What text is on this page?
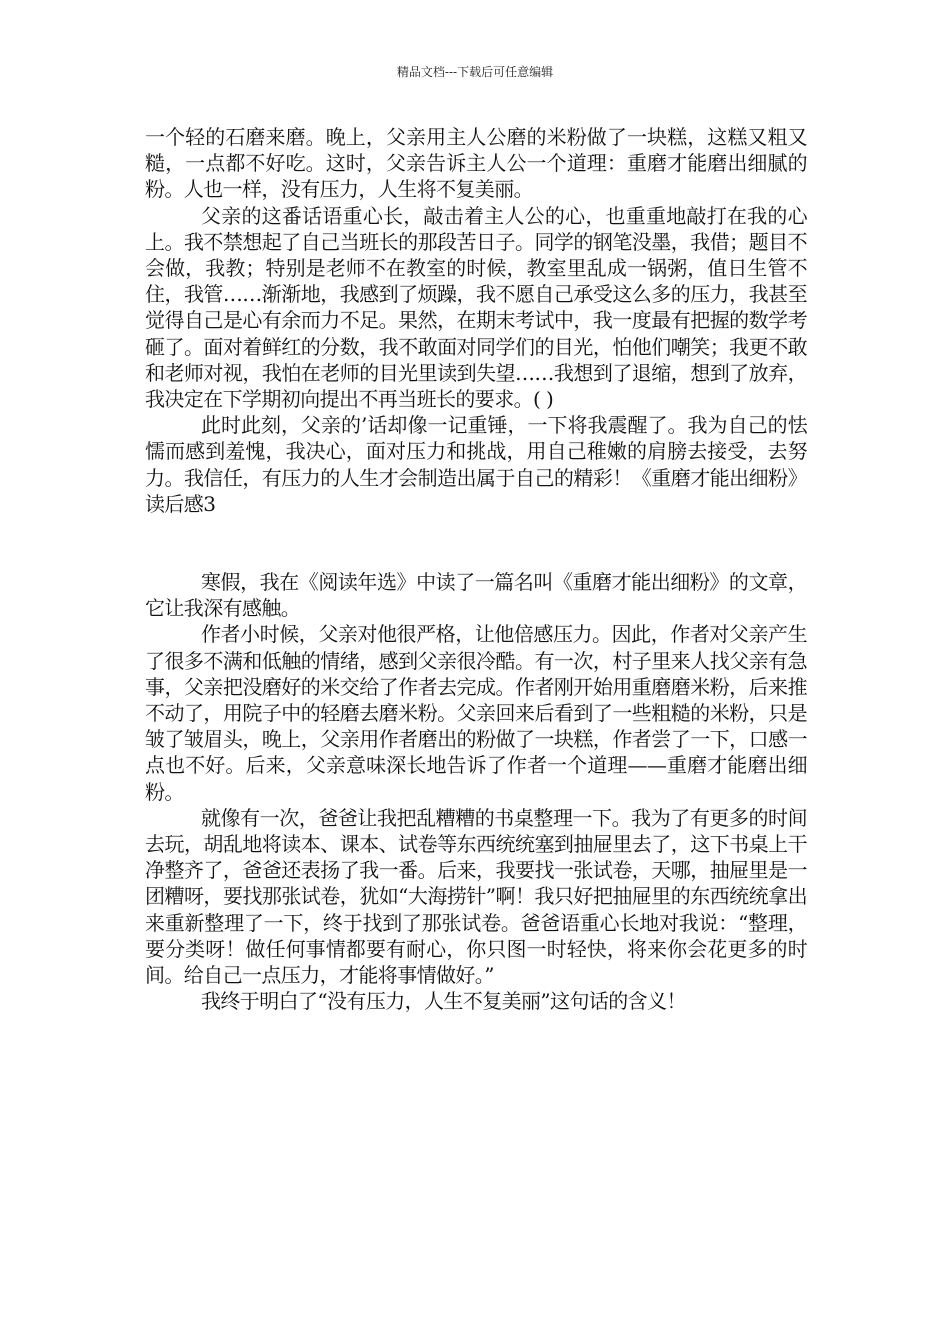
精品文档---下载后可任意编辑

一个轻的石磨来磨。晚上，父亲用主人公磨的米粉做了一块糕，这糕又粗又糙，一点都不好吃。这时，父亲告诉主人公一个道理：重磨才能磨出细腻的粉。人也一样，没有压力，人生将不复美丽。

父亲的这番话语重心长，敲击着主人公的心，也重重地敲打在我的心上。我不禁想起了自己当班长的那段苦日子。同学的钢笔没墨，我借；题目不会做，我教；特别是老师不在教室的时候，教室里乱成一锅粥，值日生管不住，我管……渐渐地，我感到了烦躁，我不愿自己承受这么多的压力，我甚至觉得自己是心有余而力不足。果然，在期末考试中，我一度最有把握的数学考砸了。面对着鲜红的分数，我不敢面对同学们的目光，怕他们嘲笑；我更不敢和老师对视，我怕在老师的目光里读到失望……我想到了退缩，想到了放弃，我决定在下学期初向提出不再当班长的要求。( )

此时此刻，父亲的’话却像一记重锤，一下将我震醒了。我为自己的怯懦而感到羞愧，我决心，面对压力和挑战，用自己稚嫩的肩膀去接受，去努力。我信任，有压力的人生才会制造出属于自己的精彩！《重磨才能出细粉》读后感3

寒假，我在《阅读年选》中读了一篇名叫《重磨才能出细粉》的文章，它让我深有感触。

作者小时候，父亲对他很严格，让他倍感压力。因此，作者对父亲产生了很多不满和低触的情绪，感到父亲很冷酷。有一次，村子里来人找父亲有急事，父亲把没磨好的米交给了作者去完成。作者刚开始用重磨磨米粉，后来推不动了，用院子中的轻磨去磨米粉。父亲回来后看到了一些粗糙的米粉，只是皱了皱眉头，晚上，父亲用作者磨出的粉做了一块糕，作者尝了一下，口感一点也不好。后来，父亲意味深长地告诉了作者一个道理——重磨才能磨出细粉。

就像有一次，爸爸让我把乱糟糟的书桌整理一下。我为了有更多的时间去玩，胡乱地将读本、课本、试卷等东西统统塞到抽屉里去了，这下书桌上干净整齐了，爸爸还表扬了我一番。后来，我要找一张试卷，天哪，抽屉里是一团糟呀，要找那张试卷，犹如“大海捞针”啊！我只好把抽屉里的东西统统拿出来重新整理了一下，终于找到了那张试卷。爸爸语重心长地对我说：“整理，要分类呀！做任何事情都要有耐心，你只图一时轻快，将来你会花更多的时间。给自己一点压力，才能将事情做好。”

我终于明白了“没有压力，人生不复美丽”这句话的含义！
